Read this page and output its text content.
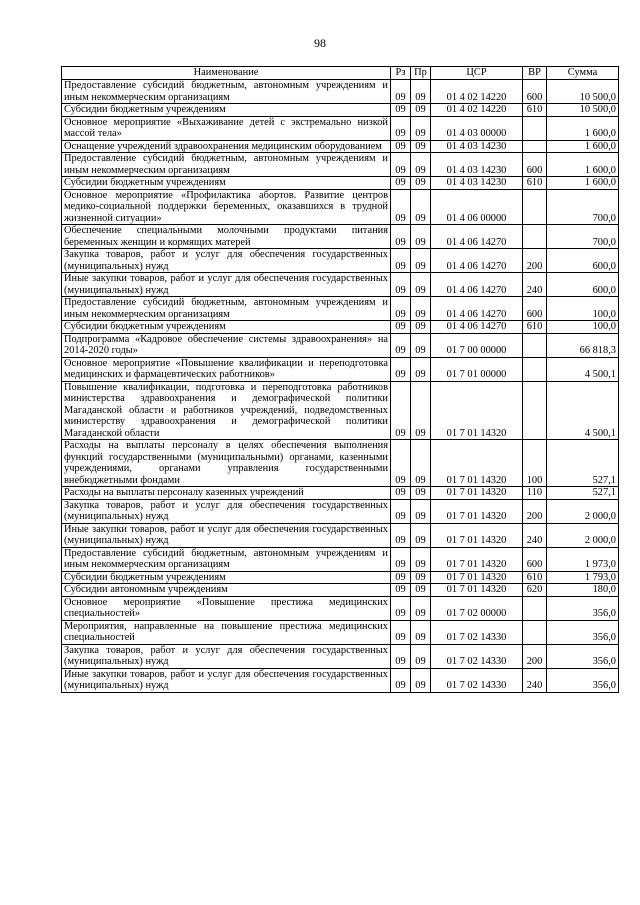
98
Наименование	Рз	Пр	ЦСР	ВР	Сумма
Предоставление субсидий бюджетным, автономным учреждениям и иным некоммерческим организациям	09	09	01 4 02 14220	600	10 500,0
Субсидии бюджетным учреждениям	09	09	01 4 02 14220	610	10 500,0
Основное мероприятие «Выхаживание детей с экстремально низкой массой тела»	09	09	01 4 03 00000		1 600,0
Оснащение учреждений здравоохранения медицинским оборудованием	09	09	01 4 03 14230		1 600,0
Предоставление субсидий бюджетным, автономным учреждениям и иным некоммерческим организациям	09	09	01 4 03 14230	600	1 600,0
Субсидии бюджетным учреждениям	09	09	01 4 03 14230	610	1 600,0
Основное мероприятие «Профилактика абортов. Развитие центров медико-социальной поддержки беременных, оказавшихся в трудной жизненной ситуации»	09	09	01 4 06 00000		700,0
Обеспечение специальными молочными продуктами питания беременных женщин и кормящих матерей	09	09	01 4 06 14270		700,0
Закупка товаров, работ и услуг для обеспечения государственных (муниципальных) нужд	09	09	01 4 06 14270	200	600,0
Иные закупки товаров, работ и услуг для обеспечения государственных (муниципальных) нужд	09	09	01 4 06 14270	240	600,0
Предоставление субсидий бюджетным, автономным учреждениям и иным некоммерческим организациям	09	09	01 4 06 14270	600	100,0
Субсидии бюджетным учреждениям	09	09	01 4 06 14270	610	100,0
Подпрограмма «Кадровое обеспечение системы здравоохранения» на 2014-2020 годы»	09	09	01 7 00 00000		66 818,3
Основное мероприятие «Повышение квалификации и переподготовка медицинских и фармацевтических работников»	09	09	01 7 01 00000		4 500,1
Повышение квалификации, подготовка и переподготовка работников министерства здравоохранения и демографической политики Магаданской области и работников учреждений, подведомственных министерству здравоохранения и демографической политики Магаданской области	09	09	01 7 01 14320		4 500,1
Расходы на выплаты персоналу в целях обеспечения выполнения функций государственными (муниципальными) органами, казенными учреждениями, органами управления государственными внебюджетными фондами	09	09	01 7 01 14320	100	527,1
Расходы на выплаты персоналу казенных учреждений	09	09	01 7 01 14320	110	527,1
Закупка товаров, работ и услуг для обеспечения государственных (муниципальных) нужд	09	09	01 7 01 14320	200	2 000,0
Иные закупки товаров, работ и услуг для обеспечения государственных (муниципальных) нужд	09	09	01 7 01 14320	240	2 000,0
Предоставление субсидий бюджетным, автономным учреждениям и иным некоммерческим организациям	09	09	01 7 01 14320	600	1 973,0
Субсидии бюджетным учреждениям	09	09	01 7 01 14320	610	1 793,0
Субсидии автономным учреждениям	09	09	01 7 01 14320	620	180,0
Основное мероприятие «Повышение престижа медицинских специальностей»	09	09	01 7 02 00000		356,0
Мероприятия, направленные на повышение престижа медицинских специальностей	09	09	01 7 02 14330		356,0
Закупка товаров, работ и услуг для обеспечения государственных (муниципальных) нужд	09	09	01 7 02 14330	200	356,0
Иные закупки товаров, работ и услуг для обеспечения государственных (муниципальных) нужд	09	09	01 7 02 14330	240	356,0
